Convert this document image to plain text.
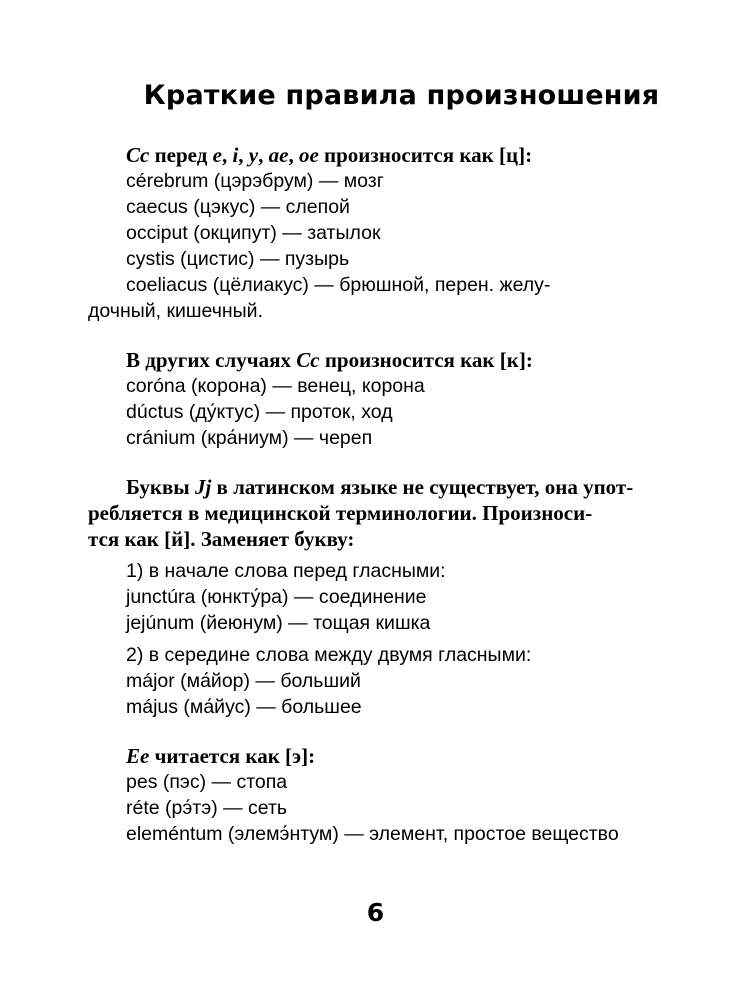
Краткие правила произношения
Cc перед e, i, y, ae, oe произносится как [ц]:
cérebrum (цэрэбрум) — мозг
caecus (цэкус) — слепой
occiput (окципут) — затылок
cystis (цистис) — пузырь
coeliacus (цёлиакус) — брюшной, перен. желу-
дочный, кишечный.
В других случаях Cc произносится как [к]:
coróna (корона) — венец, корона
dúctus (ду́ктус) — проток, ход
cránium (кра́ниум) — череп
Буквы Jj в латинском языке не существует, она упот-
ребляется в медицинской терминологии. Произноси-
тся как [й]. Заменяет букву:
1) в начале слова перед гласными:
junctúra (юнкту́ра) — соединение
jejúnum (йеюнум) — тощая кишка
2) в середине слова между двумя гласными:
májor (ма́йор) — больший
május (ма́йус) — большее
Ee читается как [э]:
pes (пэс) — стопа
réte (рэ́тэ) — сеть
eleméntum (элемэ́нтум) — элемент, простое вещество
6
